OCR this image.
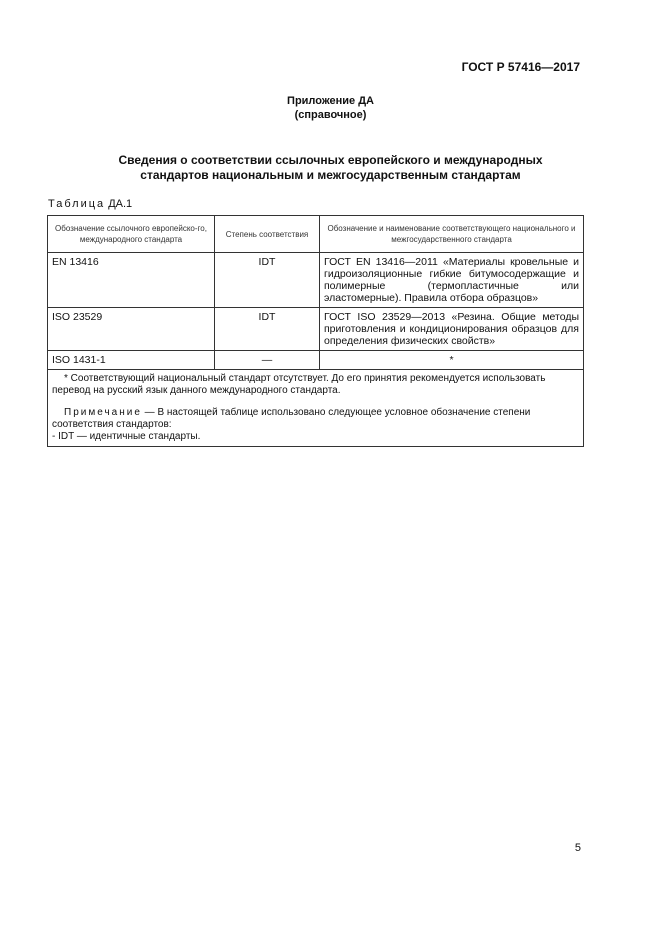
ГОСТ Р 57416—2017
Приложение ДА
(справочное)
Сведения о соответствии ссылочных европейского и международных
стандартов национальным и межгосударственным стандартам
Таблица ДА.1
Обозначение ссылочного европейско-го, международного стандарта	Степень соответствия	Обозначение и наименование соответствующего национального и межгосударственного стандарта
EN 13416	IDT	ГОСТ EN 13416—2011 «Материалы кровельные и гидроизоляционные гибкие битумосодержащие и полимерные (термопластичные или эластомерные). Правила отбора образцов»
ISO 23529	IDT	ГОСТ ISO 23529—2013 «Резина. Общие методы приготовления и кондиционирования образцов для определения физических свойств»
ISO 1431-1	—	*

* Соответствующий национальный стандарт отсутствует. До его принятия рекомендуется использовать перевод на русский язык данного международного стандарта.

Примечание — В настоящей таблице использовано следующее условное обозначение степени соответствия стандартов:

- IDT — идентичные стандарты.		
5
